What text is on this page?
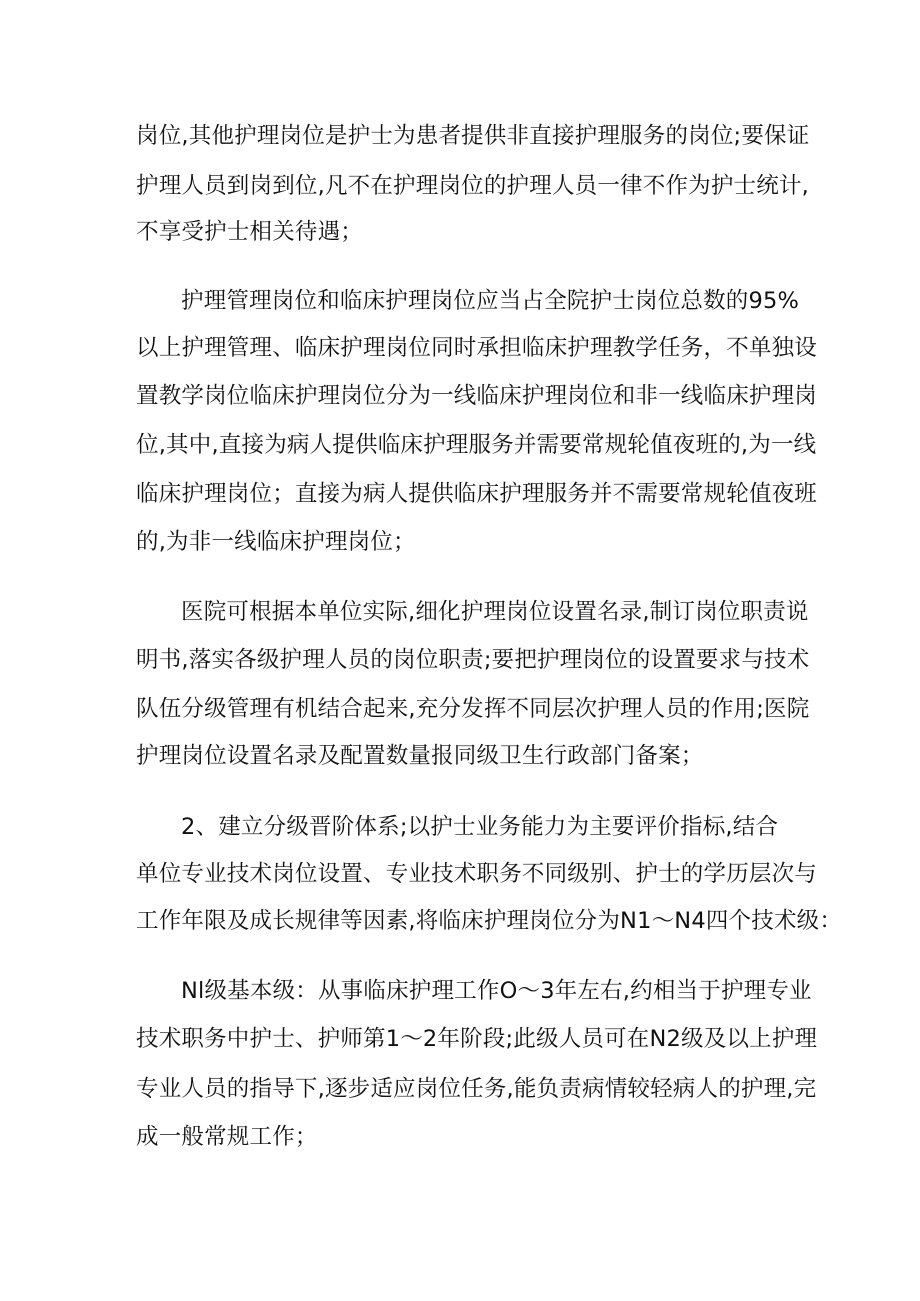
岗位,其他护理岗位是护士为患者提供非直接护理服务的岗位;要保证
护理人员到岗到位,凡不在护理岗位的护理人员一律不作为护士统计,
不享受护士相关待遇；
护理管理岗位和临床护理岗位应当占全院护士岗位总数的95%
以上护理管理、临床护理岗位同时承担临床护理教学任务，不单独设
置教学岗位临床护理岗位分为一线临床护理岗位和非一线临床护理岗
位,其中,直接为病人提供临床护理服务并需要常规轮值夜班的,为一线
临床护理岗位；直接为病人提供临床护理服务并不需要常规轮值夜班
的,为非一线临床护理岗位；
医院可根据本单位实际,细化护理岗位设置名录,制订岗位职责说
明书,落实各级护理人员的岗位职责;要把护理岗位的设置要求与技术
队伍分级管理有机结合起来,充分发挥不同层次护理人员的作用;医院
护理岗位设置名录及配置数量报同级卫生行政部门备案；
2、建立分级晋阶体系;以护士业务能力为主要评价指标,结合
单位专业技术岗位设置、专业技术职务不同级别、护士的学历层次与
工作年限及成长规律等因素,将临床护理岗位分为N1～N4四个技术级：
Nl级基本级：从事临床护理工作O～3年左右,约相当于护理专业
技术职务中护士、护师第1～2年阶段;此级人员可在N2级及以上护理
专业人员的指导下,逐步适应岗位任务,能负责病情较轻病人的护理,完
成一般常规工作；
